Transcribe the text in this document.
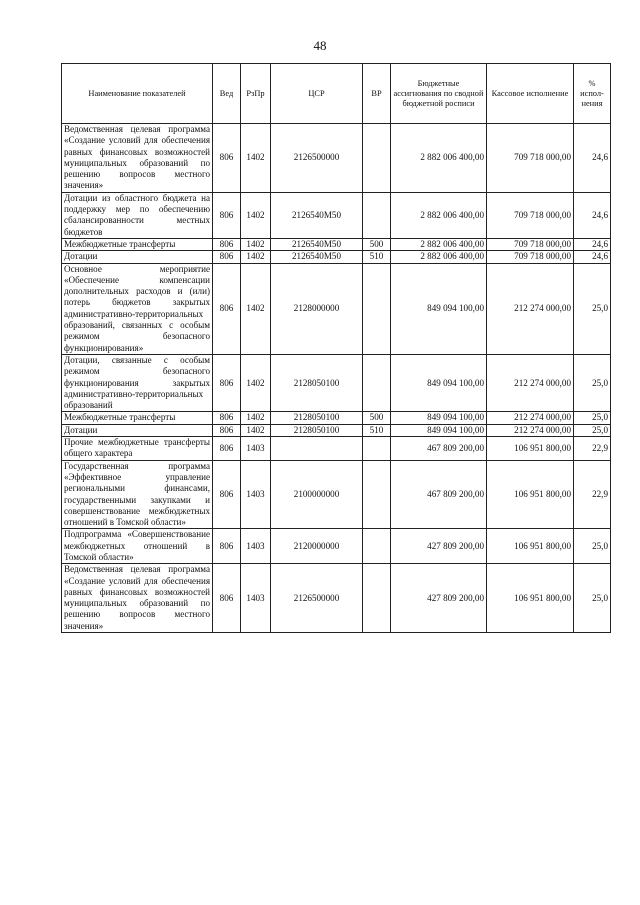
48
Наименование показателей	Вед	РзПр	ЦСР	ВР	Бюджетные ассигнования по сводной бюджетной росписи	Кассовое исполнение	% испол-нения
Ведомственная целевая программа «Создание условий для обеспечения равных финансовых возможностей муниципальных образований по решению вопросов местного значения»	806	1402	2126500000		2 882 006 400,00	709 718 000,00	24,6
Дотации из областного бюджета на поддержку мер по обеспечению сбалансированности местных бюджетов	806	1402	2126540М50		2 882 006 400,00	709 718 000,00	24,6
Межбюджетные трансферты	806	1402	2126540М50	500	2 882 006 400,00	709 718 000,00	24,6
Дотации	806	1402	2126540М50	510	2 882 006 400,00	709 718 000,00	24,6
Основное мероприятие «Обеспечение компенсации дополнительных расходов и (или) потерь бюджетов закрытых административно-территориальных образований, связанных с особым режимом безопасного функционирования»	806	1402	2128000000		849 094 100,00	212 274 000,00	25,0
Дотации, связанные с особым режимом безопасного функционирования закрытых административно-территориальных образований	806	1402	2128050100		849 094 100,00	212 274 000,00	25,0
Межбюджетные трансферты	806	1402	2128050100	500	849 094 100,00	212 274 000,00	25,0
Дотации	806	1402	2128050100	510	849 094 100,00	212 274 000,00	25,0
Прочие межбюджетные трансферты общего характера	806	1403			467 809 200,00	106 951 800,00	22,9
Государственная программа «Эффективное управление региональными финансами, государственными закупками и совершенствование межбюджетных отношений в Томской области»	806	1403	2100000000		467 809 200,00	106 951 800,00	22,9
Подпрограмма «Совершенствование межбюджетных отношений в Томской области»	806	1403	2120000000		427 809 200,00	106 951 800,00	25,0
Ведомственная целевая программа «Создание условий для обеспечения равных финансовых возможностей муниципальных образований по решению вопросов местного значения»	806	1403	2126500000		427 809 200,00	106 951 800,00	25,0
